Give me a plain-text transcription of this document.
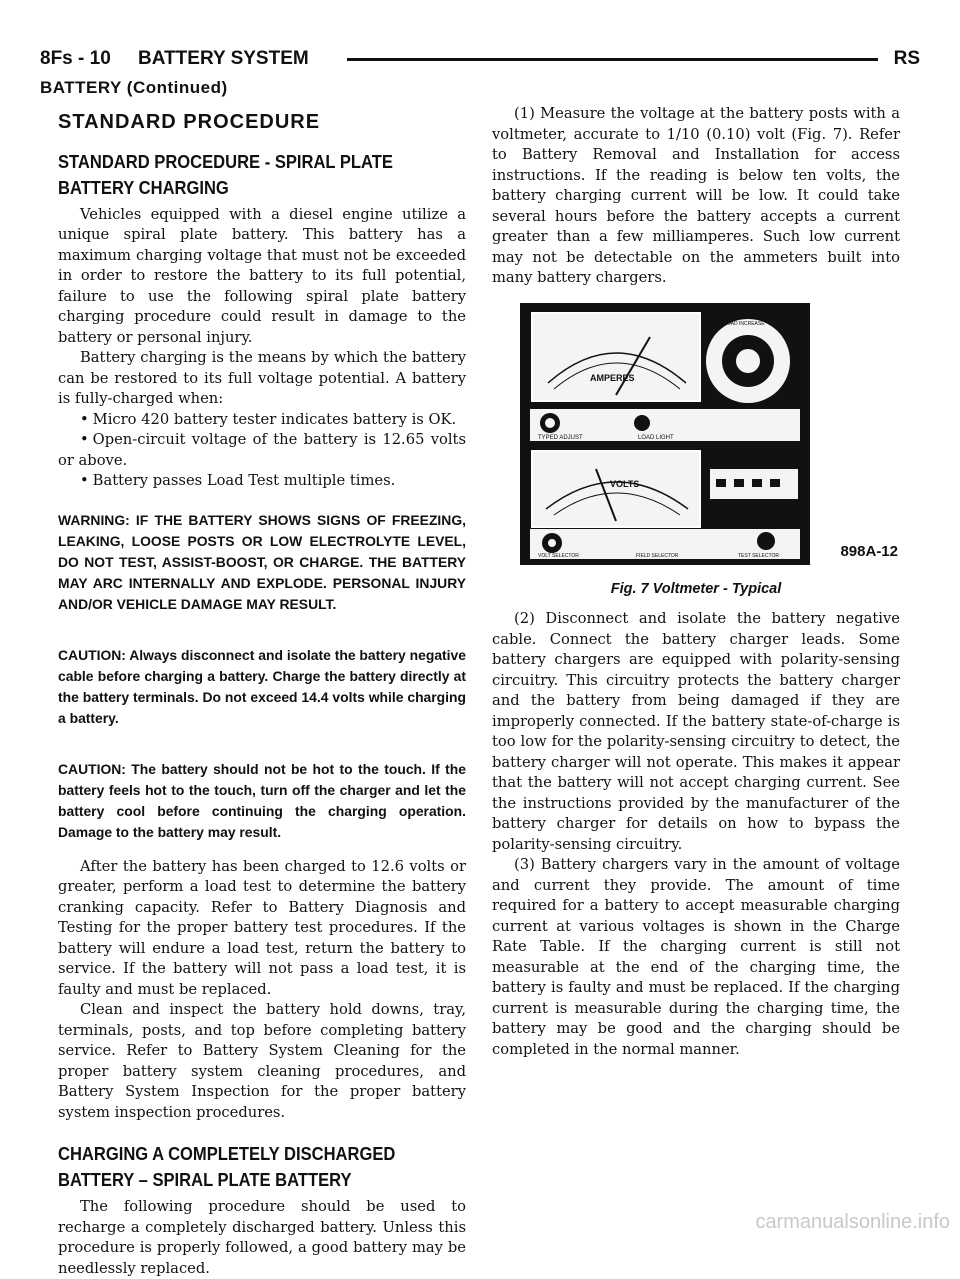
8Fs - 10 BATTERY SYSTEM	RS
BATTERY (Continued)
STANDARD PROCEDURE
STANDARD PROCEDURE - SPIRAL PLATE BATTERY CHARGING

Vehicles equipped with a diesel engine utilize a unique spiral plate battery. This battery has a maximum charging voltage that must not be exceeded in order to restore the battery to its full potential, failure to use the following spiral plate battery charging procedure could result in damage to the battery or personal injury.

Battery charging is the means by which the battery can be restored to its full voltage potential. A battery is fully-charged when:

• Micro 420 battery tester indicates battery is OK.
• Open-circuit voltage of the battery is 12.65 volts or above.
• Battery passes Load Test multiple times.
WARNING: IF THE BATTERY SHOWS SIGNS OF FREEZING, LEAKING, LOOSE POSTS OR LOW ELECTROLYTE LEVEL, DO NOT TEST, ASSIST-BOOST, OR CHARGE. THE BATTERY MAY ARC INTERNALLY AND EXPLODE. PERSONAL INJURY AND/OR VEHICLE DAMAGE MAY RESULT.
CAUTION: Always disconnect and isolate the battery negative cable before charging a battery. Charge the battery directly at the battery terminals. Do not exceed 14.4 volts while charging a battery.
CAUTION: The battery should not be hot to the touch. If the battery feels hot to the touch, turn off the charger and let the battery cool before continuing the charging operation. Damage to the battery may result.

After the battery has been charged to 12.6 volts or greater, perform a load test to determine the battery cranking capacity. Refer to Battery Diagnosis and Testing for the proper battery test procedures. If the battery will endure a load test, return the battery to service. If the battery will not pass a load test, it is faulty and must be replaced.

Clean and inspect the battery hold downs, tray, terminals, posts, and top before completing battery service. Refer to Battery System Cleaning for the proper battery system cleaning procedures, and Battery System Inspection for the proper battery system inspection procedures.

CHARGING A COMPLETELY DISCHARGED BATTERY – SPIRAL PLATE BATTERY

The following procedure should be used to recharge a completely discharged battery. Unless this procedure is properly followed, a good battery may be needlessly replaced.

(1) Measure the voltage at the battery posts with a voltmeter, accurate to 1/10 (0.10) volt (Fig. 7). Refer to Battery Removal and Installation for access instructions. If the reading is below ten volts, the battery charging current will be low. It could take several hours before the battery accepts a current greater than a few milliamperes. Such low current may not be detectable on the ammeters built into many battery chargers.

AMPERES
LOAD INCREASE
TYPED ADJUST	LOAD LIGHT
VOLTS
VOLT SELECTOR	FIELD SELECTOR	TEST SELECTOR	898A-12
Fig. 7 Voltmeter - Typical

(2) Disconnect and isolate the battery negative cable. Connect the battery charger leads. Some battery chargers are equipped with polarity-sensing circuitry. This circuitry protects the battery charger and the battery from being damaged if they are improperly connected. If the battery state-of-charge is too low for the polarity-sensing circuitry to detect, the battery charger will not operate. This makes it appear that the battery will not accept charging current. See the instructions provided by the manufacturer of the battery charger for details on how to bypass the polarity-sensing circuitry.

(3) Battery chargers vary in the amount of voltage and current they provide. The amount of time required for a battery to accept measurable charging current at various voltages is shown in the Charge Rate Table. If the charging current is still not measurable at the end of the charging time, the battery is faulty and must be replaced. If the charging current is measurable during the charging time, the battery may be good and the charging should be completed in the normal manner.

carmanualsonline.info
